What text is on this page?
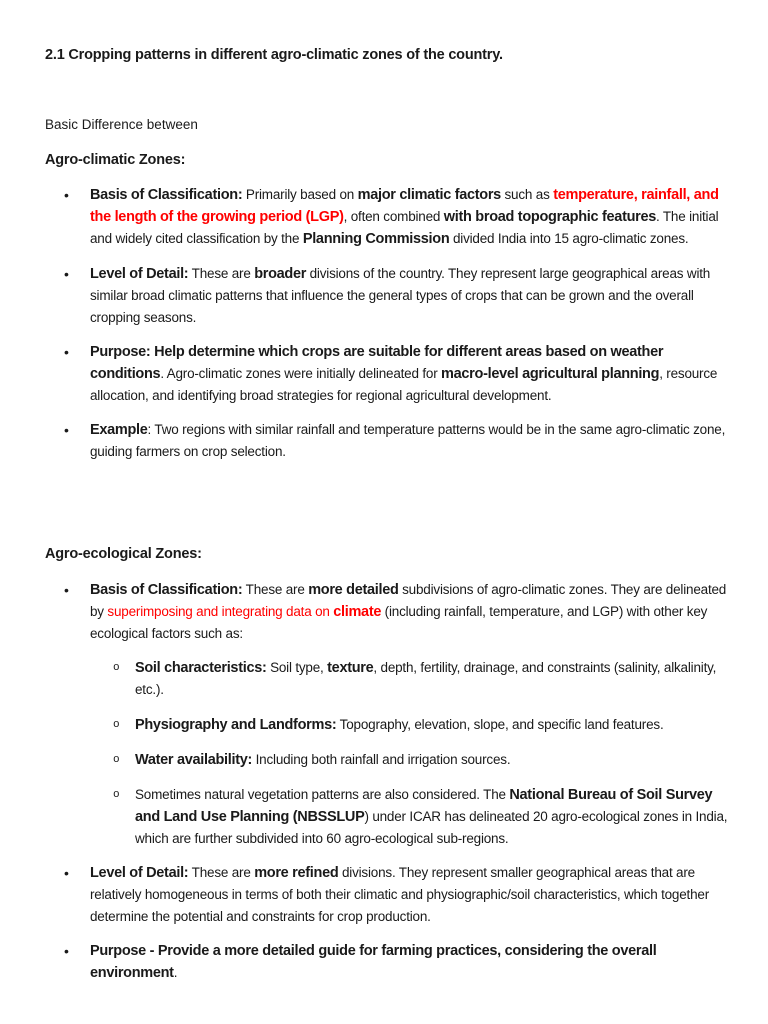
2.1 Cropping patterns in different agro-climatic zones of the country.
Basic Difference between
Agro-climatic Zones:
• Basis of Classification: Primarily based on major climatic factors such as temperature, rainfall, and the length of the growing period (LGP), often combined with broad topographic features. The initial and widely cited classification by the Planning Commission divided India into 15 agro-climatic zones.
• Level of Detail: These are broader divisions of the country. They represent large geographical areas with similar broad climatic patterns that influence the general types of crops that can be grown and the overall cropping seasons.
• Purpose: Help determine which crops are suitable for different areas based on weather conditions. Agro-climatic zones were initially delineated for macro-level agricultural planning, resource allocation, and identifying broad strategies for regional agricultural development.
• Example: Two regions with similar rainfall and temperature patterns would be in the same agro-climatic zone, guiding farmers on crop selection.
Agro-ecological Zones:
• Basis of Classification: These are more detailed subdivisions of agro-climatic zones. They are delineated by superimposing and integrating data on climate (including rainfall, temperature, and LGP) with other key ecological factors such as:
o Soil characteristics: Soil type, texture, depth, fertility, drainage, and constraints (salinity, alkalinity, etc.).
o Physiography and Landforms: Topography, elevation, slope, and specific land features.
o Water availability: Including both rainfall and irrigation sources.
o Sometimes natural vegetation patterns are also considered. The National Bureau of Soil Survey and Land Use Planning (NBSSLUP) under ICAR has delineated 20 agro-ecological zones in India, which are further subdivided into 60 agro-ecological sub-regions.
• Level of Detail: These are more refined divisions. They represent smaller geographical areas that are relatively homogeneous in terms of both their climatic and physiographic/soil characteristics, which together determine the potential and constraints for crop production.
• Purpose - Provide a more detailed guide for farming practices, considering the overall environment.
